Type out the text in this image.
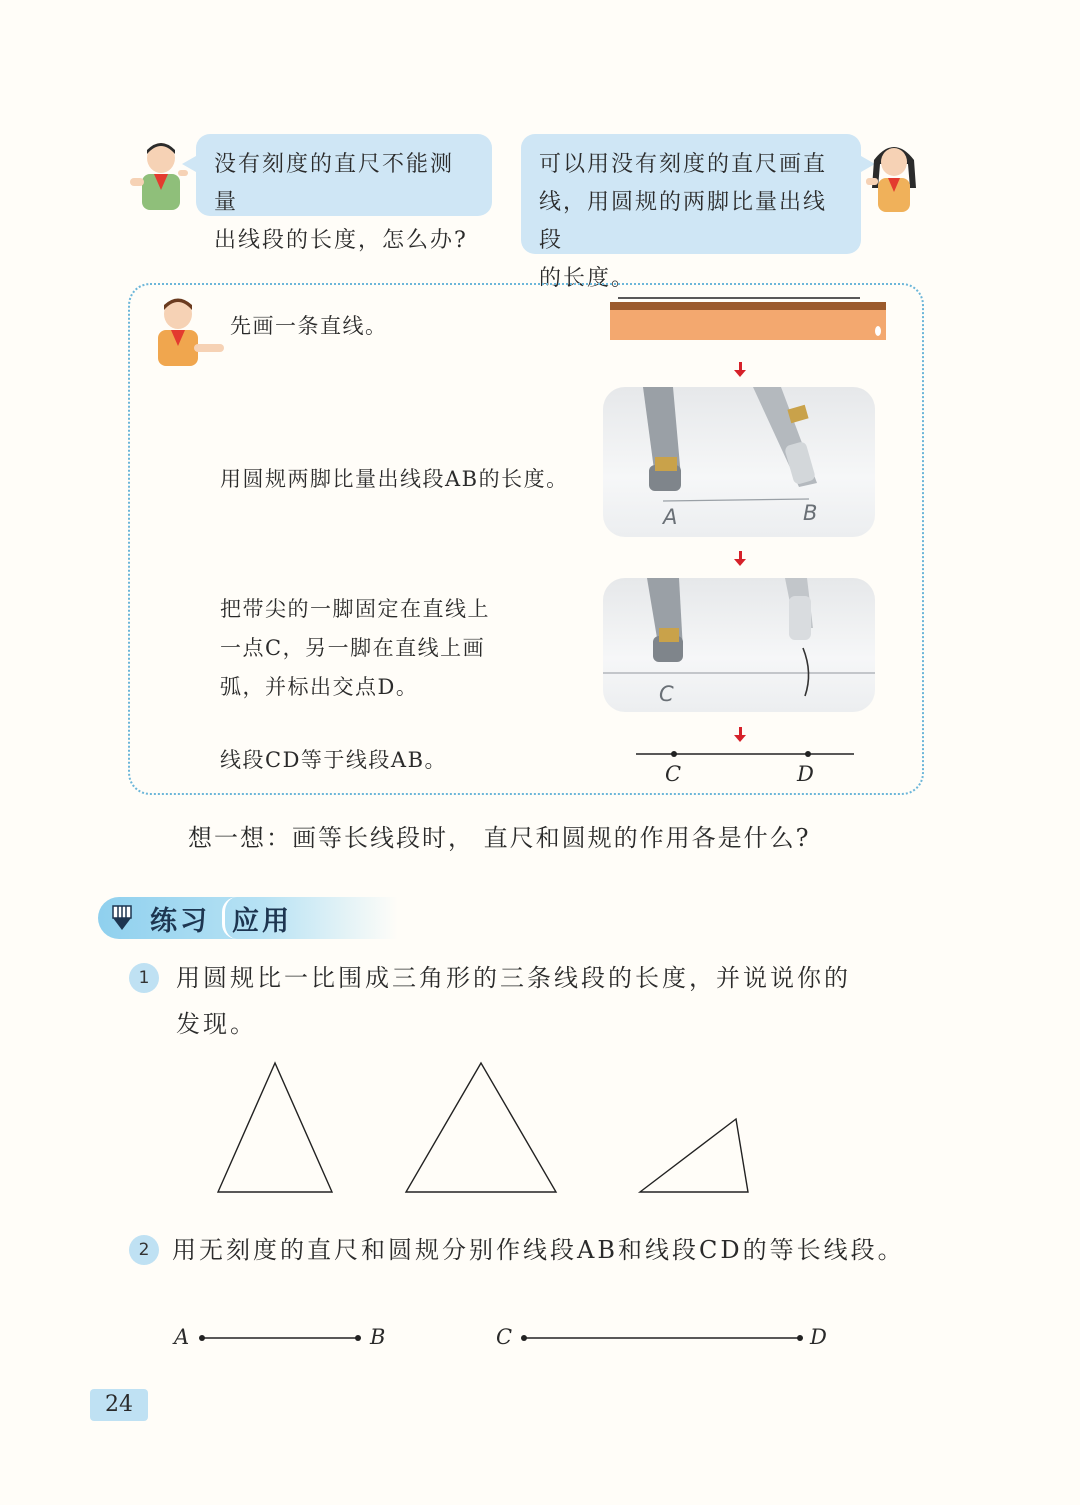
没有刻度的直尺不能测量
出线段的长度，怎么办?
可以用没有刻度的直尺画直
线，用圆规的两脚比量出线段
的长度。
先画一条直线。
用圆规两脚比量出线段AB的长度。
A	B
把带尖的一脚固定在直线上
一点C，另一脚在直线上画
弧，并标出交点D。	C
线段CD等于线段AB。
C	D
想一想：画等长线段时， 直尺和圆规的作用各是什么?
练习 应用
1	用圆规比一比围成三角形的三条线段的长度，并说说你的
发现。
2 用无刻度的直尺和圆规分别作线段AB和线段CD的等长线段。
A	B	C	D
24
